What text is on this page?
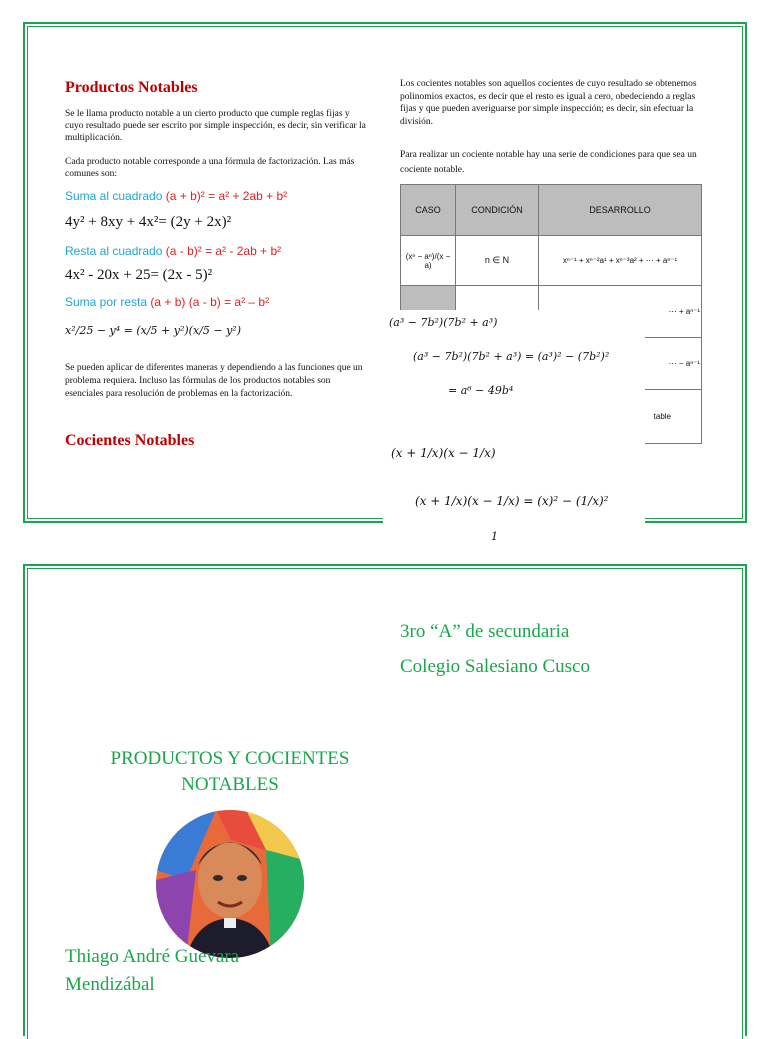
Productos Notables
Se le llama producto notable a un cierto producto que cumple reglas fijas y cuyo resultado puede ser escrito por simple inspección, es decir, sin verificar la multiplicación.
Cada producto notable corresponde a una fórmula de factorización. Las más comunes son:
Suma al cuadrado (a + b)² = a² + 2ab + b²
4y² + 8xy + 4x²= (2y + 2x)²
Resta al cuadrado (a - b)² = a² - 2ab + b²
4x² - 20x + 25= (2x - 5)²
Suma por resta (a + b) (a - b) = a² – b²
x²/25 − y⁴ = (x/5 + y²)(x/5 − y²)
Se pueden aplicar de diferentes maneras y dependiendo a las funciones que un problema requiera. Incluso las fórmulas de los productos notables son esenciales para resolución de problemas en la factorización.
Cocientes Notables
Los cocientes notables son aquellos cocientes de cuyo resultado se obtenemos polinomios exactos, es decir que el resto es igual a cero, obedeciendo a reglas fijas y que pueden averiguarse por simple inspección; es decir, sin efectuar la división.
Para realizar un cociente notable hay una serie de condiciones para que sea un cociente notable.
CASO	CONDICIÓN	DESARROLLO
(xⁿ − aⁿ)/(x − a)	n ∈ N	xⁿ⁻¹ + xⁿ⁻²a¹ + xⁿ⁻³a² + ⋯ + aⁿ⁻¹
		⋯ + aⁿ⁻¹
		⋯ − aⁿ⁻¹
		table
(a³ − 7b²)(7b² + a³)
(a³ − 7b²)(7b² + a³) = (a³)² − (7b²)²
= a⁶ − 49b⁴
(x + 1/x)(x − 1/x)
(x + 1/x)(x − 1/x) = (x)² − (1/x)²
1
3ro “A” de secundaria
Colegio Salesiano Cusco
PRODUCTOS Y COCIENTES
NOTABLES
Thiago André Guevara
Mendizábal
